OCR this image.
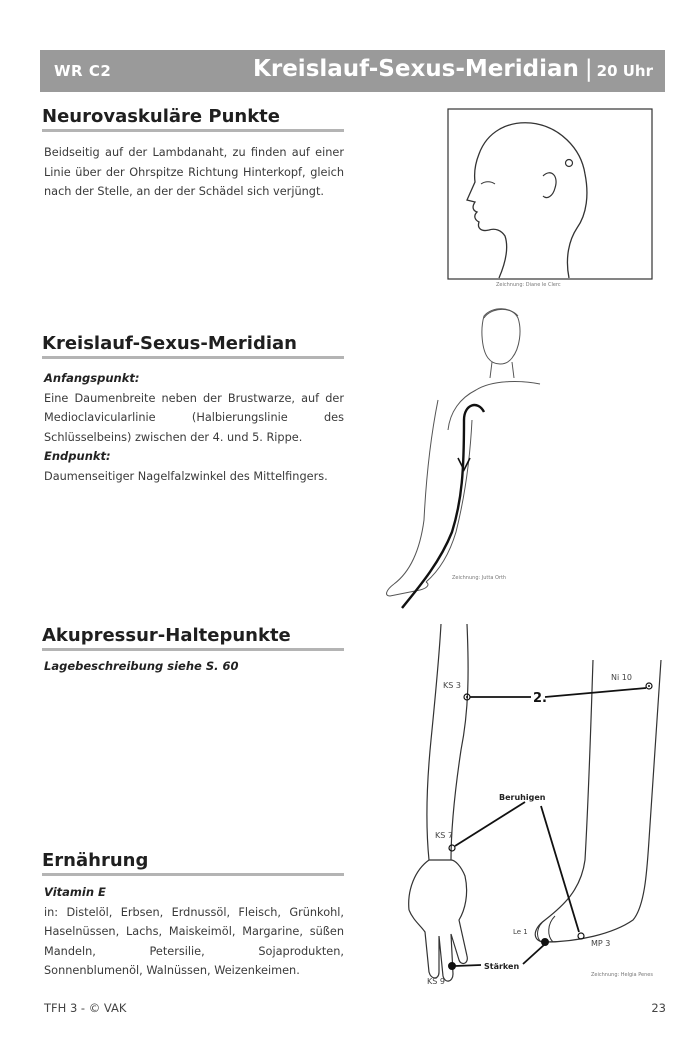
WR C2	Kreislauf-Sexus-Meridian | 20 Uhr
Neurovaskuläre Punkte
Beidseitig auf der Lambdanaht, zu finden auf einer Linie über der Ohrspitze Richtung Hinterkopf, gleich nach der Stelle, an der der Schädel sich verjüngt.
Zeichnung: Diane le Clerc
Kreislauf-Sexus-Meridian
Anfangspunkt:
Eine Daumenbreite neben der Brustwarze, auf der Medioclavicularlinie (Halbierungslinie des Schlüsselbeins) zwischen der 4. und 5. Rippe.
Endpunkt:
Daumenseitiger Nagelfalzwinkel des Mittelfingers.
Zeichnung: Jutta Orth
Akupressur-Haltepunkte
Lagebeschreibung siehe S. 60
KS 3
Ni 10
2.
Beruhigen
KS 7
Le 1
MP 3
Stärken
KS 9
Zeichnung: Helgia Penes
Ernährung
Vitamin E
in: Distelöl, Erbsen, Erdnussöl, Fleisch, Grünkohl, Haselnüssen, Lachs, Maiskeimöl, Margarine, süßen Mandeln, Petersilie, Sojaprodukten, Sonnenblumenöl, Walnüssen, Weizenkeimen.
TFH 3 - © VAK	23
